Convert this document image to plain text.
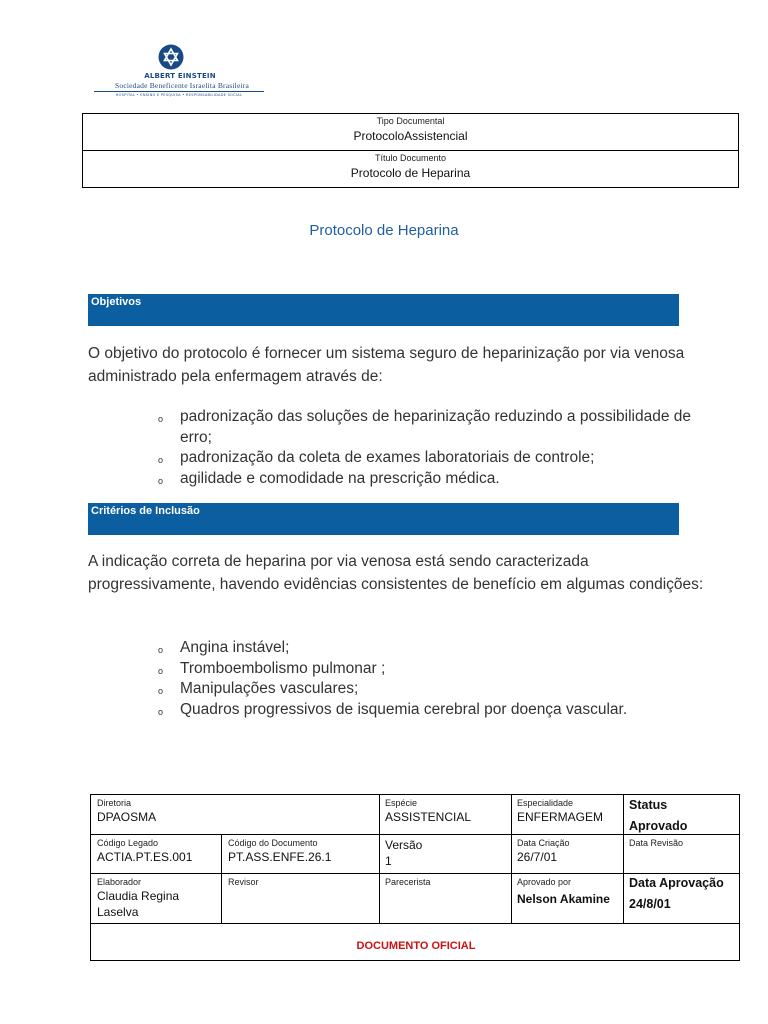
ALBERT EINSTEIN
Sociedade Beneficente Israelita Brasileira
HOSPITAL • ENSINO E PESQUISA • RESPONSABILIDADE SOCIAL
Tipo Documental
ProtocoloAssistencial
Título Documento
Protocolo de Heparina
Protocolo de Heparina
Objetivos
O objetivo do protocolo é fornecer um sistema seguro de heparinização por via venosa administrado pela enfermagem através de:
o padronização das soluções de heparinização reduzindo a possibilidade de erro;
o padronização da coleta de exames laboratoriais de controle;
o agilidade e comodidade na prescrição médica.
Critérios de Inclusão
A indicação correta de heparina por via venosa está sendo caracterizada progressivamente, havendo evidências consistentes de benefício em algumas condições:
o Angina instável;
o Tromboembolismo pulmonar ;
o Manipulações vasculares;
o Quadros progressivos de isquemia cerebral por doença vascular.
Diretoria
DPAOSMA
Espécie
ASSISTENCIAL
Especialidade
ENFERMAGEM
Status
Aprovado
Código Legado
ACTIA.PT.ES.001
Código do Documento
PT.ASS.ENFE.26.1
Versão
1
Data Criação
26/7/01
Data Revisão
Elaborador
Claudia Regina Laselva
Revisor	Parecerista	Aprovado por
Nelson Akamine
Data Aprovação
24/8/01
DOCUMENTO OFICIAL
